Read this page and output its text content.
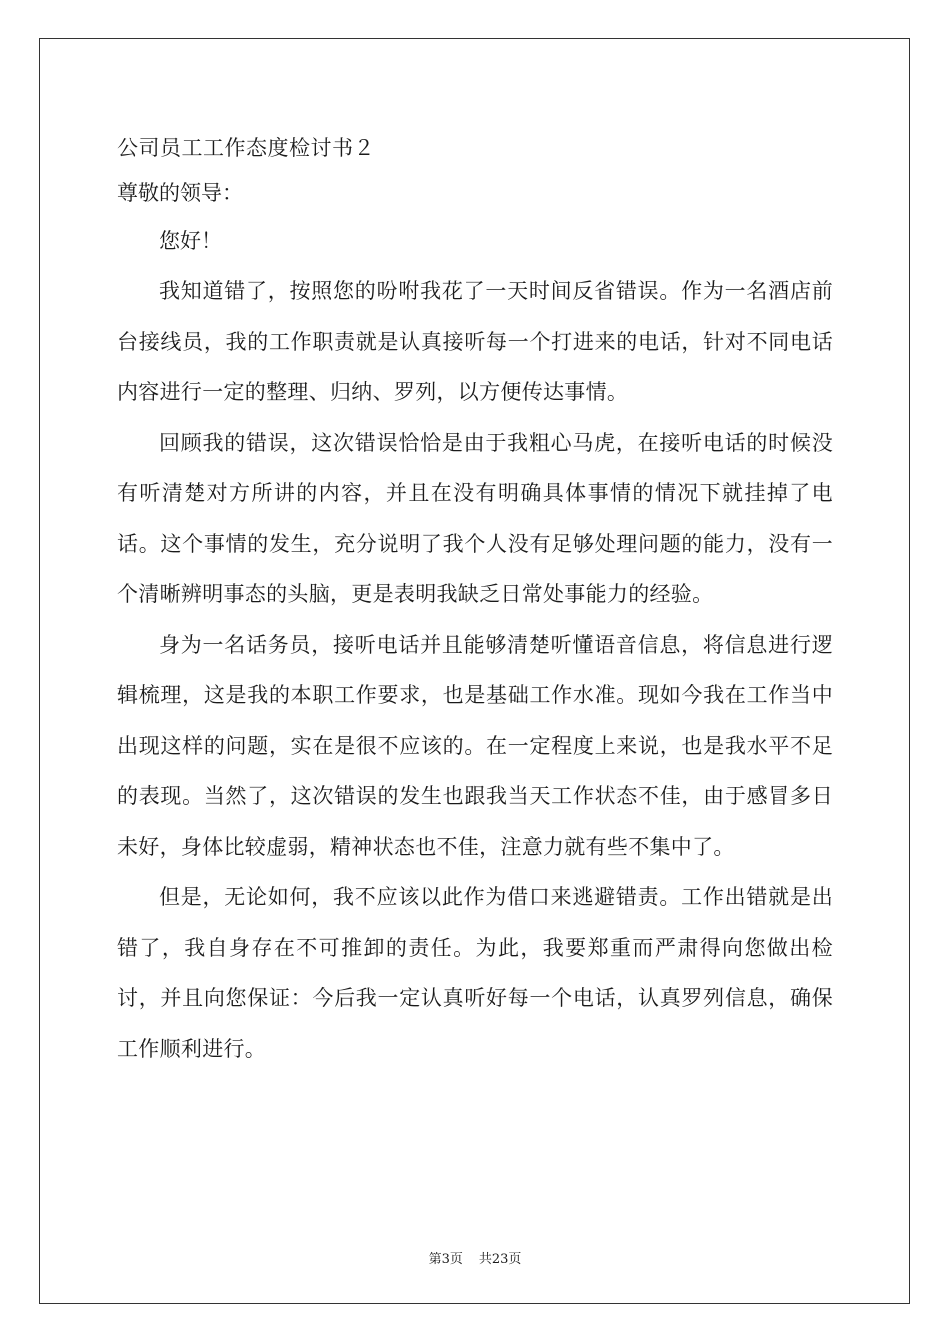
公司员工工作态度检讨书２

尊敬的领导：

您好！

我知道错了，按照您的吩咐我花了一天时间反省错误。作为一名酒店前台接线员，我的工作职责就是认真接听每一个打进来的电话，针对不同电话内容进行一定的整理、归纳、罗列，以方便传达事情。

回顾我的错误，这次错误恰恰是由于我粗心马虎，在接听电话的时候没有听清楚对方所讲的内容，并且在没有明确具体事情的情况下就挂掉了电话。这个事情的发生，充分说明了我个人没有足够处理问题的能力，没有一个清晰辨明事态的头脑，更是表明我缺乏日常处事能力的经验。

身为一名话务员，接听电话并且能够清楚听懂语音信息，将信息进行逻辑梳理，这是我的本职工作要求，也是基础工作水准。现如今我在工作当中出现这样的问题，实在是很不应该的。在一定程度上来说，也是我水平不足的表现。当然了，这次错误的发生也跟我当天工作状态不佳，由于感冒多日未好，身体比较虚弱，精神状态也不佳，注意力就有些不集中了。

但是，无论如何，我不应该以此作为借口来逃避错责。工作出错就是出错了，我自身存在不可推卸的责任。为此，我要郑重而严肃得向您做出检讨，并且向您保证：今后我一定认真听好每一个电话，认真罗列信息，确保工作顺利进行。

第3页 共23页
